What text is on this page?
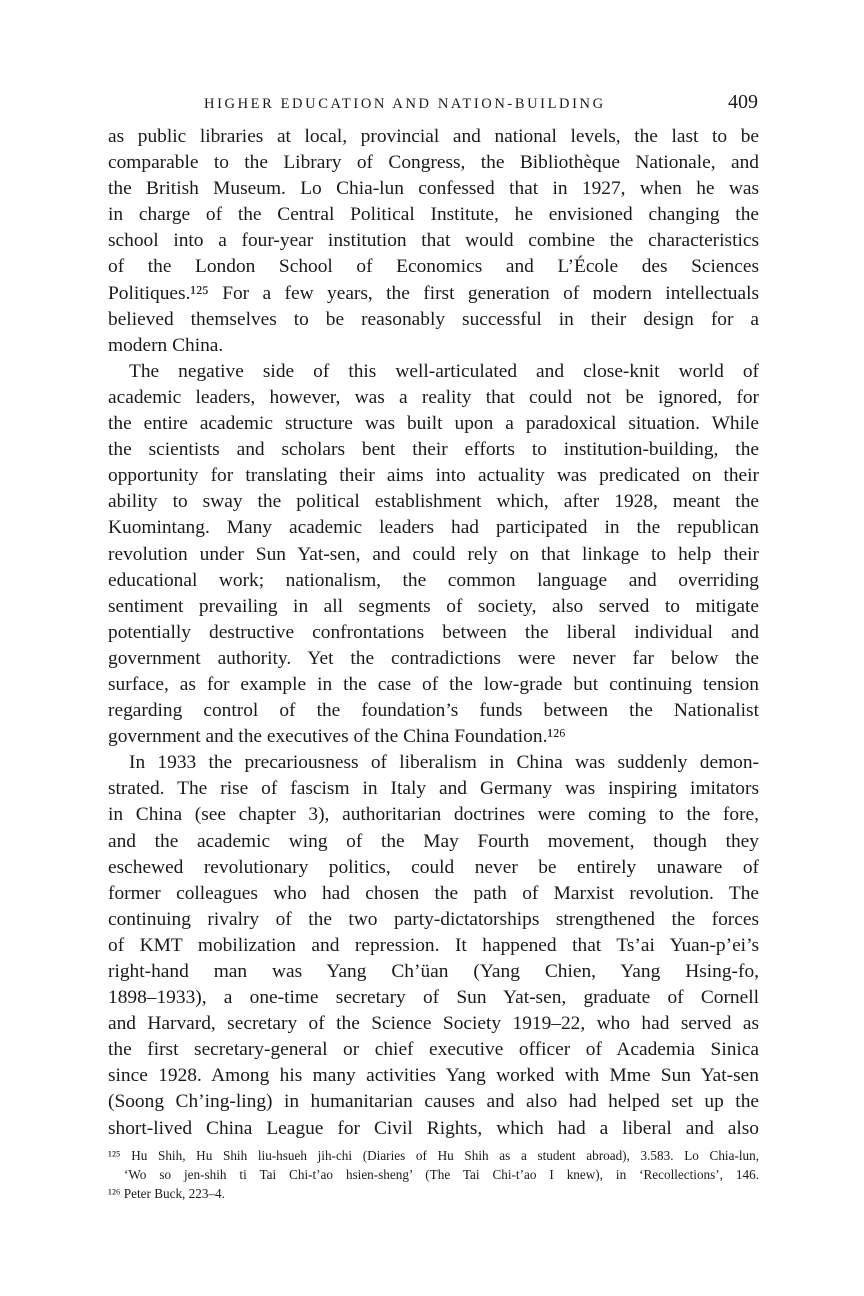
HIGHER EDUCATION AND NATION-BUILDING	409
as public libraries at local, provincial and national levels, the last to be
comparable to the Library of Congress, the Bibliothèque Nationale, and
the British Museum. Lo Chia-lun confessed that in 1927, when he was
in charge of the Central Political Institute, he envisioned changing the
school into a four-year institution that would combine the characteristics
of the London School of Economics and L’École des Sciences
Politiques.¹²⁵ For a few years, the first generation of modern intellectuals
believed themselves to be reasonably successful in their design for a
modern China.
The negative side of this well-articulated and close-knit world of
academic leaders, however, was a reality that could not be ignored, for
the entire academic structure was built upon a paradoxical situation. While
the scientists and scholars bent their efforts to institution-building, the
opportunity for translating their aims into actuality was predicated on their
ability to sway the political establishment which, after 1928, meant the
Kuomintang. Many academic leaders had participated in the republican
revolution under Sun Yat-sen, and could rely on that linkage to help their
educational work; nationalism, the common language and overriding
sentiment prevailing in all segments of society, also served to mitigate
potentially destructive confrontations between the liberal individual and
government authority. Yet the contradictions were never far below the
surface, as for example in the case of the low-grade but continuing tension
regarding control of the foundation’s funds between the Nationalist
government and the executives of the China Foundation.¹²⁶
In 1933 the precariousness of liberalism in China was suddenly demon-
strated. The rise of fascism in Italy and Germany was inspiring imitators
in China (see chapter 3), authoritarian doctrines were coming to the fore,
and the academic wing of the May Fourth movement, though they
eschewed revolutionary politics, could never be entirely unaware of
former colleagues who had chosen the path of Marxist revolution. The
continuing rivalry of the two party-dictatorships strengthened the forces
of KMT mobilization and repression. It happened that Ts’ai Yuan-p’ei’s
right-hand man was Yang Ch’üan (Yang Chien, Yang Hsing-fo,
1898–1933), a one-time secretary of Sun Yat-sen, graduate of Cornell
and Harvard, secretary of the Science Society 1919–22, who had served as
the first secretary-general or chief executive officer of Academia Sinica
since 1928. Among his many activities Yang worked with Mme Sun Yat-sen
(Soong Ch’ing-ling) in humanitarian causes and also had helped set up the
short-lived China League for Civil Rights, which had a liberal and also
¹²⁵ Hu Shih, Hu Shih liu-hsueh jih-chi (Diaries of Hu Shih as a student abroad), 3.583. Lo Chia-lun,
‘Wo so jen-shih ti Tai Chi-t’ao hsien-sheng’ (The Tai Chi-t’ao I knew), in ‘Recollections’, 146.
¹²⁶ Peter Buck, 223–4.
